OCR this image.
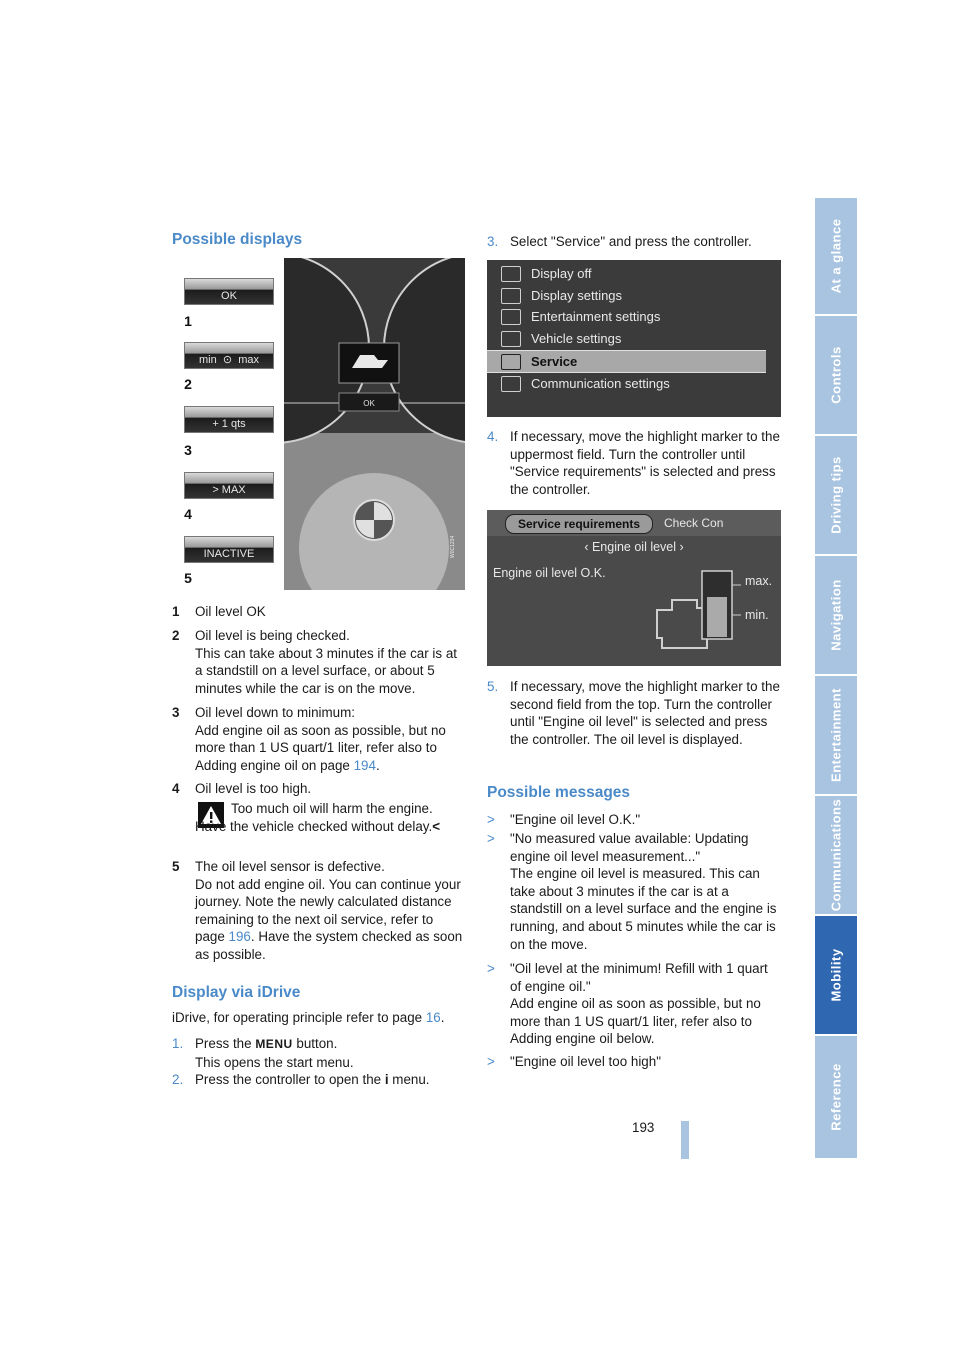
At a glance
Controls
Driving tips
Navigation
Entertainment
Communications
Mobility
Reference
Possible displays
OK
1
min  ⊙  max
2
+ 1 qts
3
> MAX
4
INACTIVE
5
OK
W0C1234
1 Oil level OK
2 Oil level is being checked.
This can take about 3 minutes if the car is at a standstill on a level surface, or about 5 minutes while the car is on the move.
3 Oil level down to minimum:
Add engine oil as soon as possible, but no more than 1 US quart/1 liter, refer also to Adding engine oil on page 194.
4 Oil level is too high.
Too much oil will harm the engine. Have the vehicle checked without delay.<
5 The oil level sensor is defective.
Do not add engine oil. You can continue your journey. Note the newly calculated distance remaining to the next oil service, refer to page 196. Have the system checked as soon as possible.
Display via iDrive
iDrive, for operating principle refer to page 16.
1. Press the MENU button.
This opens the start menu.
2. Press the controller to open the i menu.
3. Select "Service" and press the controller.
Display off
Display settings
Entertainment settings
Vehicle settings
Service
Communication settings
4. If necessary, move the highlight marker to the uppermost field. Turn the controller until "Service requirements" is selected and press the controller.
Service requirements	Check Con
‹ Engine oil level ›
Engine oil level O.K.
max.
min.
5. If necessary, move the highlight marker to the second field from the top. Turn the controller until "Engine oil level" is selected and press the controller. The oil level is displayed.
Possible messages
> "Engine oil level O.K."
> "No measured value available: Updating engine oil level measurement..."
The engine oil level is measured. This can take about 3 minutes if the car is at a standstill on a level surface and the engine is running, and about 5 minutes while the car is on the move.
> "Oil level at the minimum! Refill with 1 quart of engine oil."
Add engine oil as soon as possible, but no more than 1 US quart/1 liter, refer also to Adding engine oil below.
> "Engine oil level too high"
193
